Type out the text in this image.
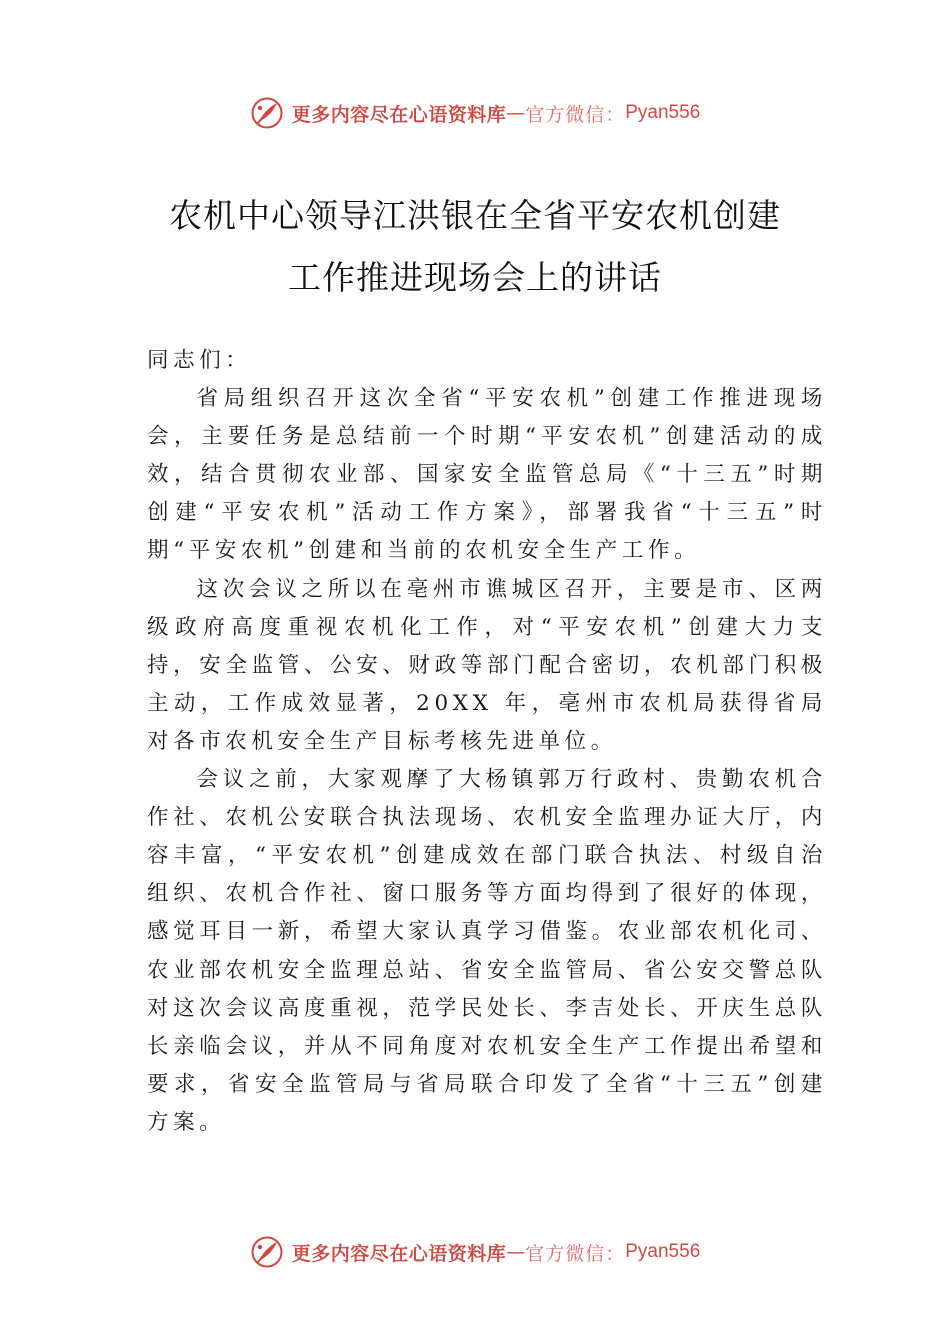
更多内容尽在心语资料库 — 官方微信： Pyan556
农机中心领导江洪银在全省平安农机创建
工作推进现场会上的讲话

同志们：

省局组织召开这次全省“平安农机”创建工作推进现场会，主要任务是总结前一个时期“平安农机”创建活动的成效，结合贯彻农业部、国家安全监管总局《“十三五”时期创建“平安农机”活动工作方案》，部署我省“十三五”时期“平安农机”创建和当前的农机安全生产工作。

这次会议之所以在亳州市谯城区召开，主要是市、区两级政府高度重视农机化工作，对“平安农机”创建大力支持，安全监管、公安、财政等部门配合密切，农机部门积极主动，工作成效显著，20XX 年，亳州市农机局获得省局对各市农机安全生产目标考核先进单位。

会议之前，大家观摩了大杨镇郭万行政村、贵勤农机合作社、农机公安联合执法现场、农机安全监理办证大厅，内容丰富，“平安农机”创建成效在部门联合执法、村级自治组织、农机合作社、窗口服务等方面均得到了很好的体现，感觉耳目一新，希望大家认真学习借鉴。农业部农机化司、农业部农机安全监理总站、省安全监管局、省公安交警总队对这次会议高度重视，范学民处长、李吉处长、开庆生总队长亲临会议，并从不同角度对农机安全生产工作提出希望和要求，省安全监管局与省局联合印发了全省“十三五”创建方案。

更多内容尽在心语资料库 — 官方微信： Pyan556
